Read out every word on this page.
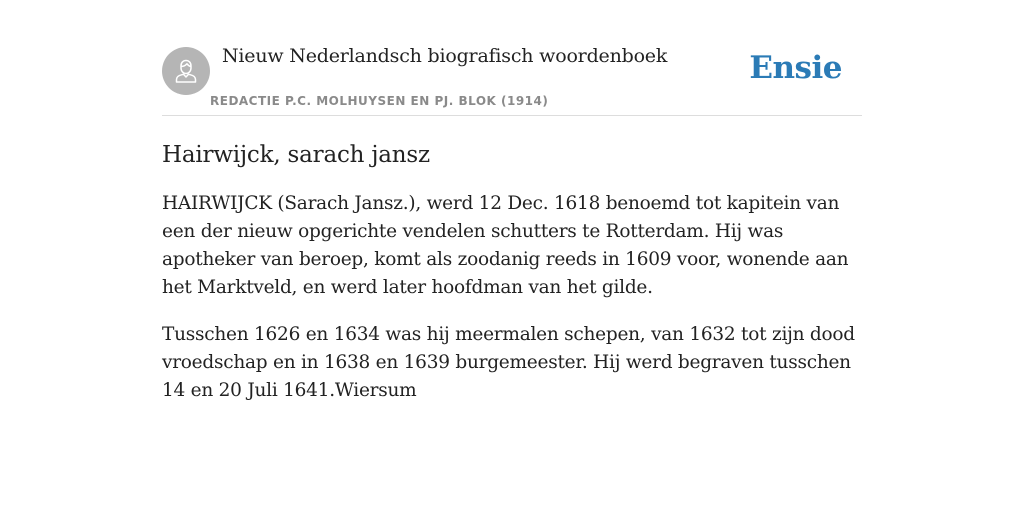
Nieuw Nederlandsch biografisch woordenboek
REDACTIE P.C. MOLHUYSEN EN PJ. BLOK (1914)
Ensie
Hairwijck, sarach jansz

HAIRWIJCK (Sarach Jansz.), werd 12 Dec. 1618 benoemd tot kapitein van een der nieuw opgerichte vendelen schutters te Rotterdam. Hij was apotheker van beroep, komt als zoodanig reeds in 1609 voor, wonende aan het Marktveld, en werd later hoofdman van het gilde.

Tusschen 1626 en 1634 was hij meermalen schepen, van 1632 tot zijn dood vroedschap en in 1638 en 1639 burgemeester. Hij werd begraven tusschen 14 en 20 Juli 1641.Wiersum
